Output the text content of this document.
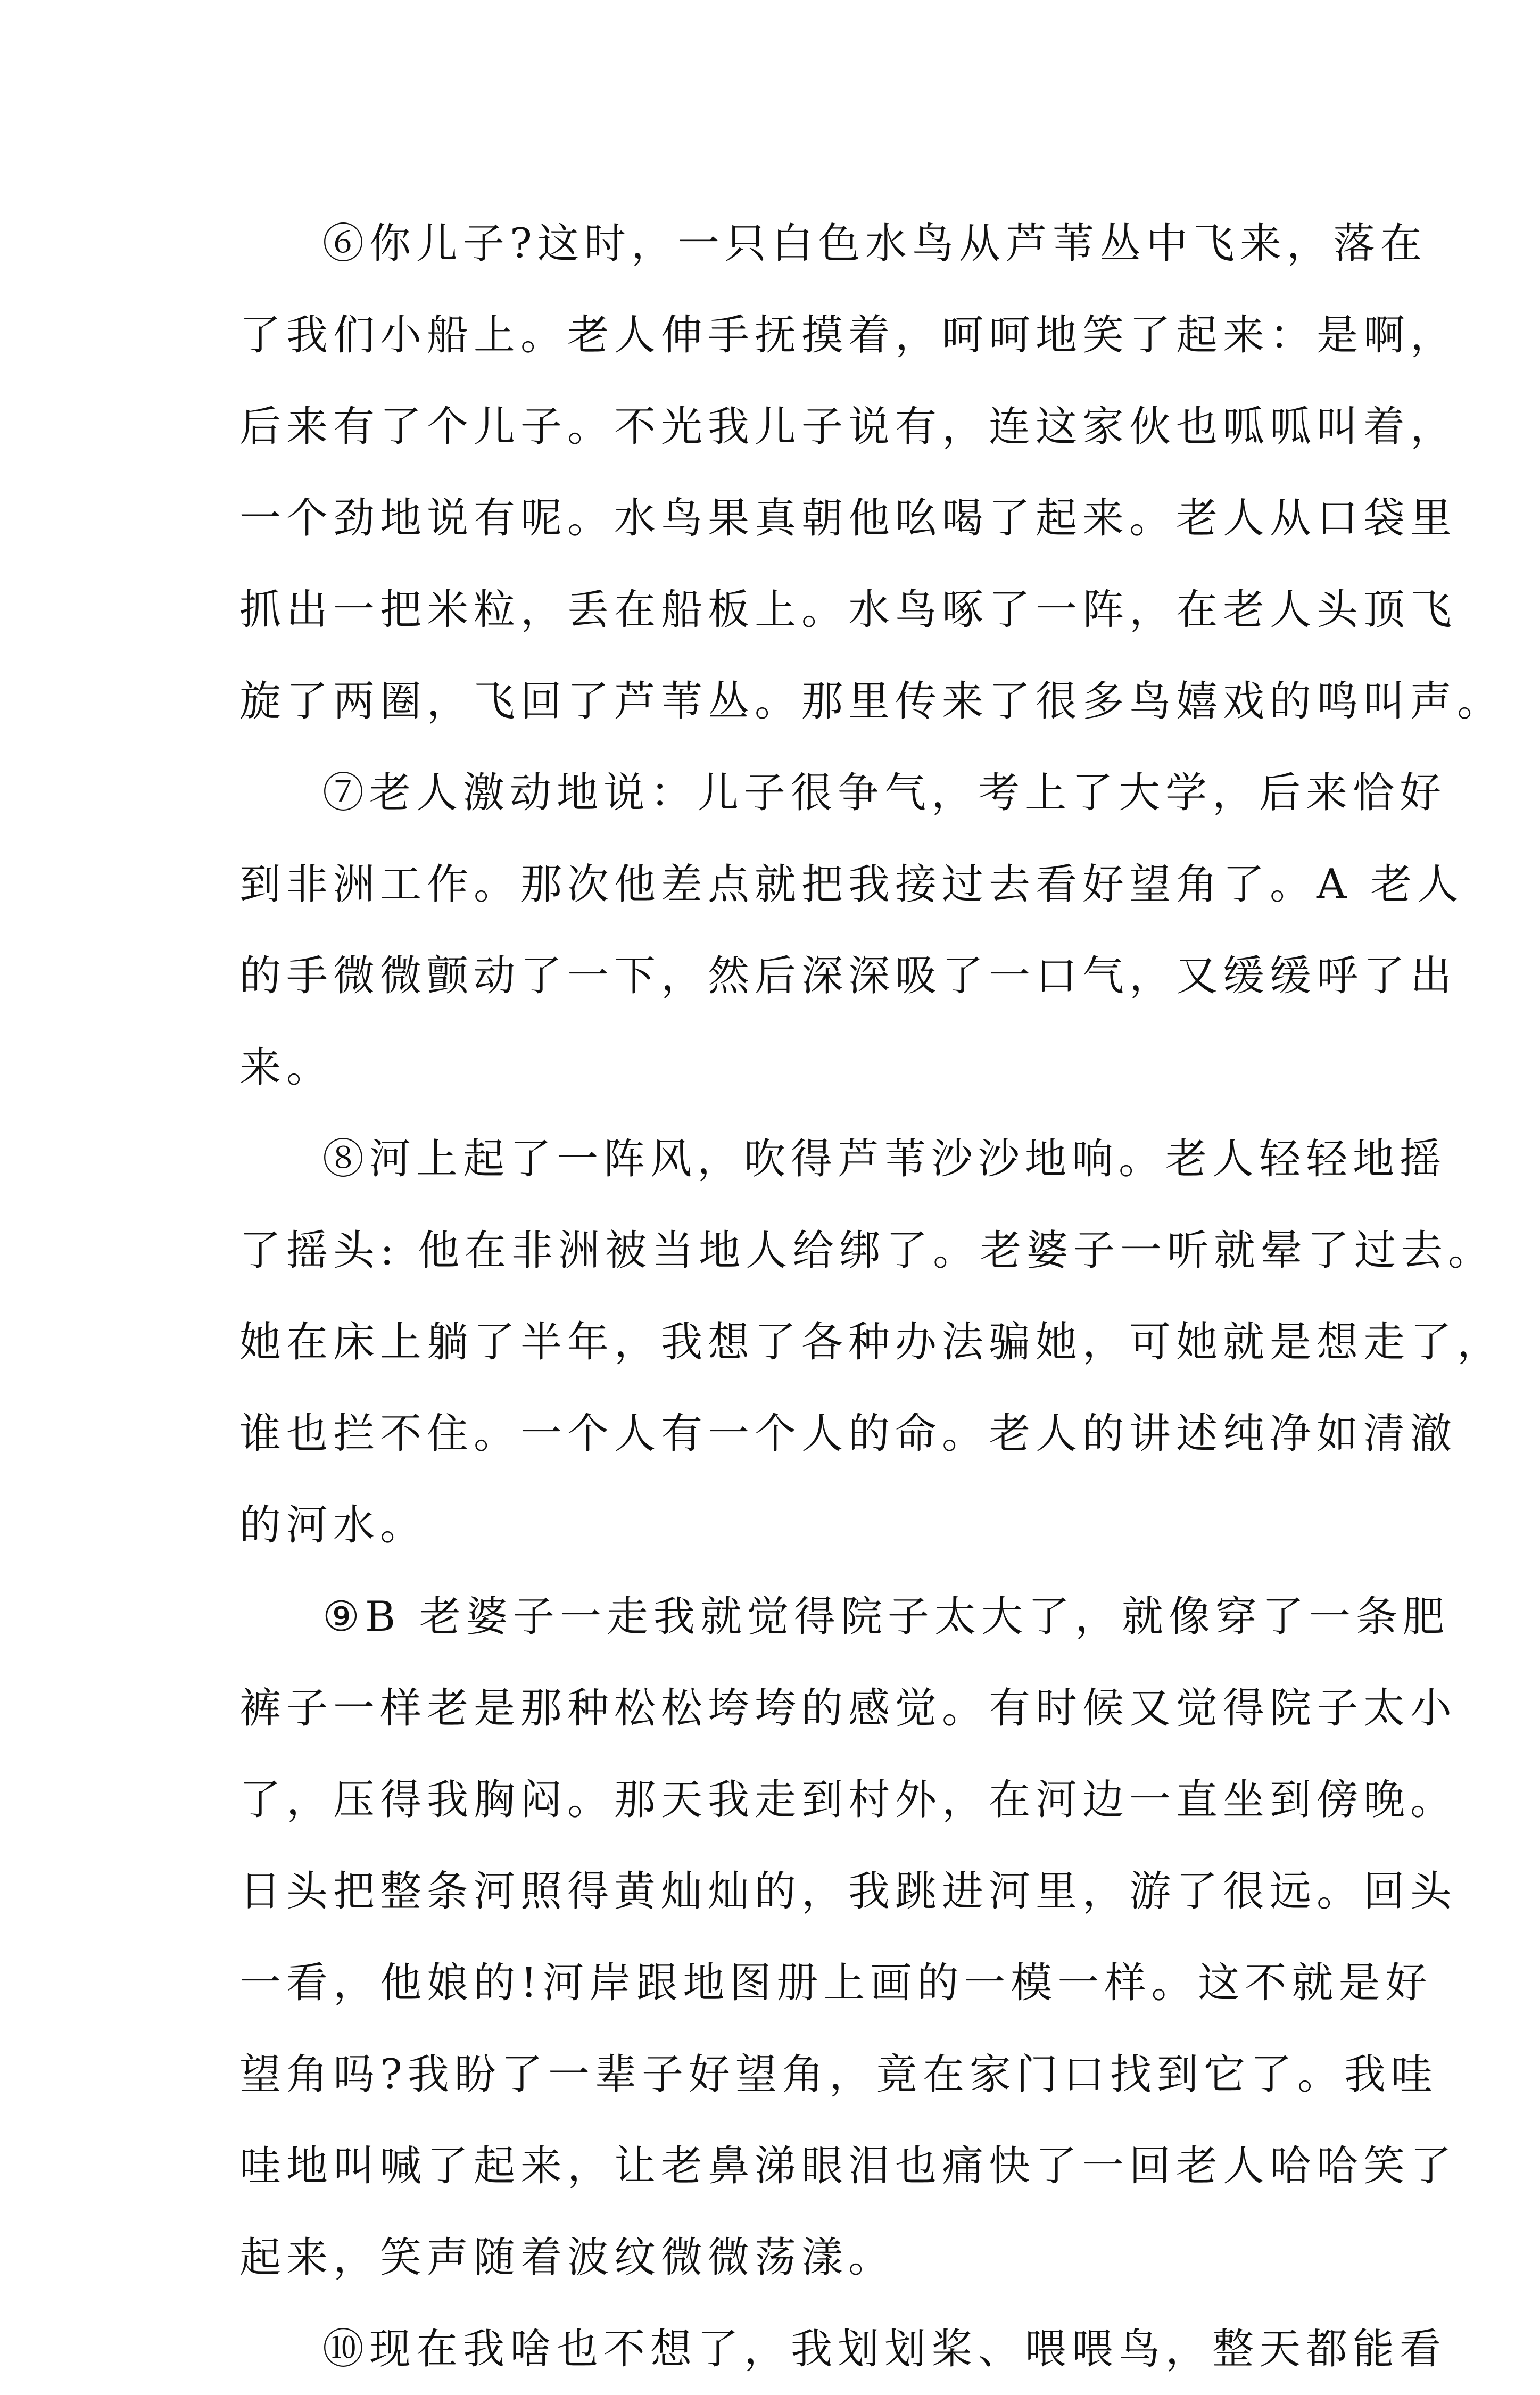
⑥你儿子?这时，一只白色水鸟从芦苇丛中飞来，落在
了我们小船上。老人伸手抚摸着，呵呵地笑了起来：是啊，
后来有了个儿子。不光我儿子说有，连这家伙也呱呱叫着，
一个劲地说有呢。水鸟果真朝他吆喝了起来。老人从口袋里
抓出一把米粒，丢在船板上。水鸟啄了一阵，在老人头顶飞
旋了两圈，飞回了芦苇丛。那里传来了很多鸟嬉戏的鸣叫声。
⑦老人激动地说：儿子很争气，考上了大学，后来恰好
到非洲工作。那次他差点就把我接过去看好望角了。A 老人
的手微微颤动了一下，然后深深吸了一口气，又缓缓呼了出
来。
⑧河上起了一阵风，吹得芦苇沙沙地响。老人轻轻地摇
了摇头: 他在非洲被当地人给绑了。老婆子一听就晕了过去。
她在床上躺了半年，我想了各种办法骗她，可她就是想走了，
谁也拦不住。一个人有一个人的命。老人的讲述纯净如清澈
的河水。
⑨B 老婆子一走我就觉得院子太大了，就像穿了一条肥
裤子一样老是那种松松垮垮的感觉。有时候又觉得院子太小
了，压得我胸闷。那天我走到村外，在河边一直坐到傍晚。
日头把整条河照得黄灿灿的，我跳进河里，游了很远。回头
一看，他娘的!河岸跟地图册上画的一模一样。这不就是好
望角吗?我盼了一辈子好望角，竟在家门口找到它了。我哇
哇地叫喊了起来，让老鼻涕眼泪也痛快了一回老人哈哈笑了
起来，笑声随着波纹微微荡漾。
⑩现在我啥也不想了，我划划桨、喂喂鸟，整天都能看
